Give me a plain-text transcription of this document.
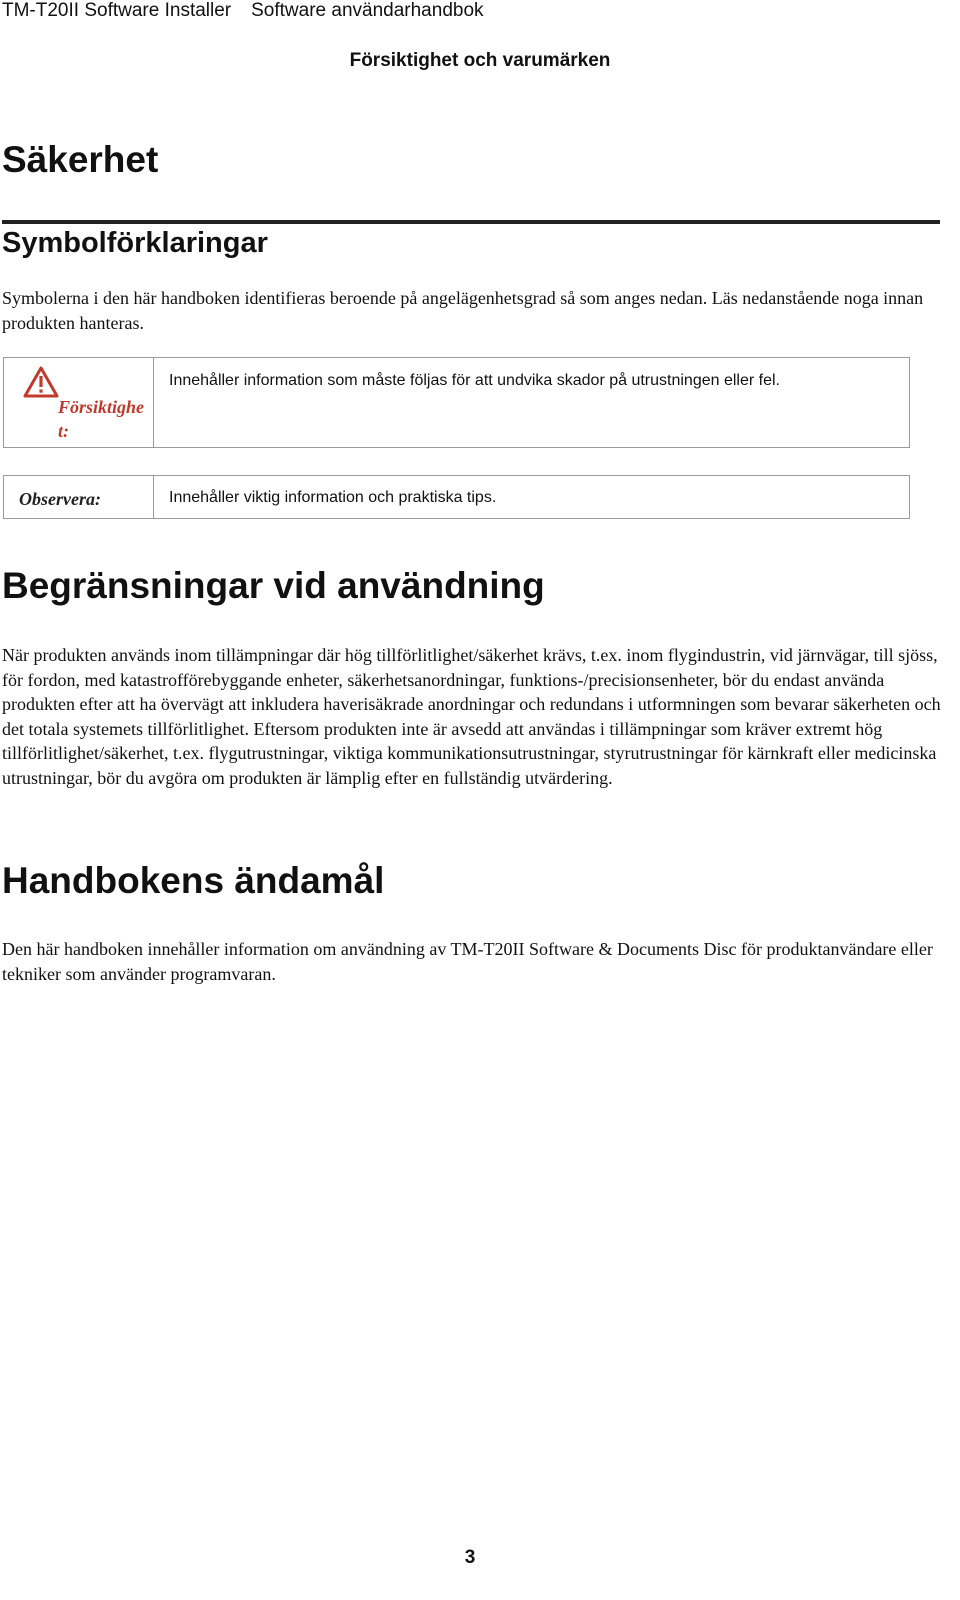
TM-T20II Software Installer Software användarhandbok
Försiktighet och varumärken
Säkerhet
Symbolförklaringar

Symbolerna i den här handboken identifieras beroende på angelägenhetsgrad så som anges nedan. Läs nedanstående noga innan produkten hanteras.

Försiktighet:
Innehåller information som måste följas för att undvika skador på utrustningen eller fel.
Observera:	Innehåller viktig information och praktiska tips.
Begränsningar vid användning

När produkten används inom tillämpningar där hög tillförlitlighet/säkerhet krävs, t.ex. inom flygindustrin, vid järnvägar, till sjöss, för fordon, med katastrofförebyggande enheter, säkerhetsanordningar, funktions-/precisionsenheter, bör du endast använda produkten efter att ha övervägt att inkludera haverisäkrade anordningar och redundans i utformningen som bevarar säkerheten och det totala systemets tillförlitlighet. Eftersom produkten inte är avsedd att användas i tillämpningar som kräver extremt hög tillförlitlighet/säkerhet, t.ex. flygutrustningar, viktiga kommunikationsutrustningar, styrutrustningar för kärnkraft eller medicinska utrustningar, bör du avgöra om produkten är lämplig efter en fullständig utvärdering.

Handbokens ändamål

Den här handboken innehåller information om användning av TM-T20II Software & Documents Disc för produktanvändare eller tekniker som använder programvaran.

3
